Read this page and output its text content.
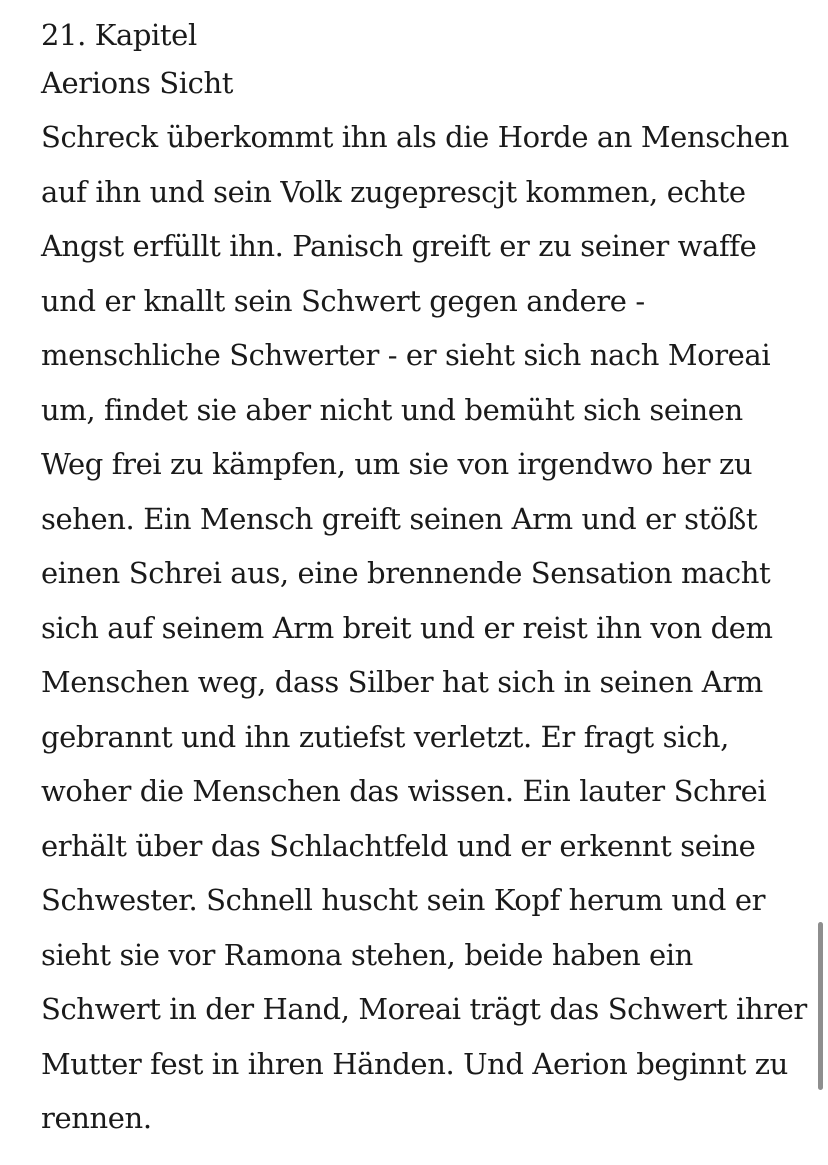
21. Kapitel
Aerions Sicht
Schreck überkommt ihn als die Horde an Menschen
auf ihn und sein Volk zugeprescjt kommen, echte
Angst erfüllt ihn. Panisch greift er zu seiner waffe
und er knallt sein Schwert gegen andere -
menschliche Schwerter - er sieht sich nach Moreai
um, findet sie aber nicht und bemüht sich seinen
Weg frei zu kämpfen, um sie von irgendwo her zu
sehen. Ein Mensch greift seinen Arm und er stößt
einen Schrei aus, eine brennende Sensation macht
sich auf seinem Arm breit und er reist ihn von dem
Menschen weg, dass Silber hat sich in seinen Arm
gebrannt und ihn zutiefst verletzt. Er fragt sich,
woher die Menschen das wissen. Ein lauter Schrei
erhält über das Schlachtfeld und er erkennt seine
Schwester. Schnell huscht sein Kopf herum und er
sieht sie vor Ramona stehen, beide haben ein
Schwert in der Hand, Moreai trägt das Schwert ihrer
Mutter fest in ihren Händen. Und Aerion beginnt zu
rennen.
